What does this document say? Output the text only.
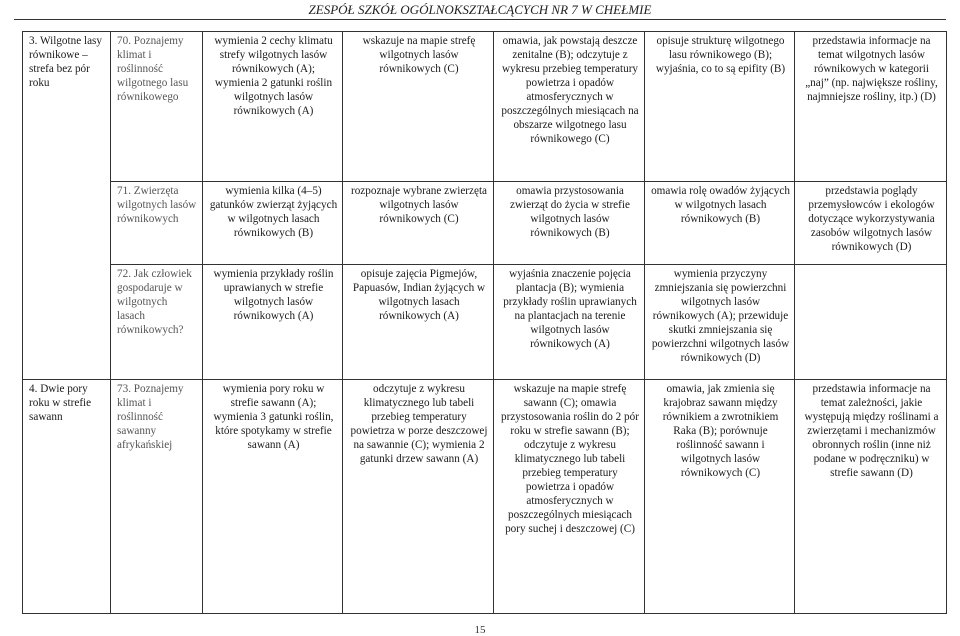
ZESPÓŁ SZKÓŁ OGÓLNOKSZTAŁCĄCYCH NR 7 W CHEŁMIE
3. Wilgotne lasy równikowe – strefa bez pór roku	70. Poznajemy klimat i roślinność wilgotnego lasu równikowego	wymienia 2 cechy klimatu strefy wilgotnych lasów równikowych (A); wymienia 2 gatunki roślin wilgotnych lasów równikowych (A)	wskazuje na mapie strefę wilgotnych lasów równikowych (C)	omawia, jak powstają deszcze zenitalne (B); odczytuje z wykresu przebieg temperatury powietrza i opadów atmosferycznych w poszczególnych miesiącach na obszarze wilgotnego lasu równikowego (C)	opisuje strukturę wilgotnego lasu równikowego (B); wyjaśnia, co to są epifity (B)	przedstawia informacje na temat wilgotnych lasów równikowych w kategorii „naj” (np. największe rośliny, najmniejsze rośliny, itp.) (D)
	71. Zwierzęta wilgotnych lasów równikowych	wymienia kilka (4–5) gatunków zwierząt żyjących w wilgotnych lasach równikowych (B)	rozpoznaje wybrane zwierzęta wilgotnych lasów równikowych (C)	omawia przystosowania zwierząt do życia w strefie wilgotnych lasów równikowych (B)	omawia rolę owadów żyjących w wilgotnych lasach równikowych (B)	przedstawia poglądy przemysłowców i ekologów dotyczące wykorzystywania zasobów wilgotnych lasów równikowych (D)
	72. Jak człowiek gospodaruje w wilgotnych lasach równikowych?	wymienia przykłady roślin uprawianych w strefie wilgotnych lasów równikowych (A)	opisuje zajęcia Pigmejów, Papuasów, Indian żyjących w wilgotnych lasach równikowych (A)	wyjaśnia znaczenie pojęcia plantacja (B); wymienia przykłady roślin uprawianych na plantacjach na terenie wilgotnych lasów równikowych (A)	wymienia przyczyny zmniejszania się powierzchni wilgotnych lasów równikowych (A); przewiduje skutki zmniejszania się powierzchni wilgotnych lasów równikowych (D)	
4. Dwie pory roku w strefie sawann	73. Poznajemy klimat i roślinność sawanny afrykańskiej	wymienia pory roku w strefie sawann (A); wymienia 3 gatunki roślin, które spotykamy w strefie sawann (A)	odczytuje z wykresu klimatycznego lub tabeli przebieg temperatury powietrza w porze deszczowej na sawannie (C); wymienia 2 gatunki drzew sawann (A)	wskazuje na mapie strefę sawann (C); omawia przystosowania roślin do 2 pór roku w strefie sawann (B); odczytuje z wykresu klimatycznego lub tabeli przebieg temperatury powietrza i opadów atmosferycznych w poszczególnych miesiącach pory suchej i deszczowej (C)	omawia, jak zmienia się krajobraz sawann między równikiem a zwrotnikiem Raka (B); porównuje roślinność sawann i wilgotnych lasów równikowych (C)	przedstawia informacje na temat zależności, jakie występują między roślinami a zwierzętami i mechanizmów obronnych roślin (inne niż podane w podręczniku) w strefie sawann (D)
15
